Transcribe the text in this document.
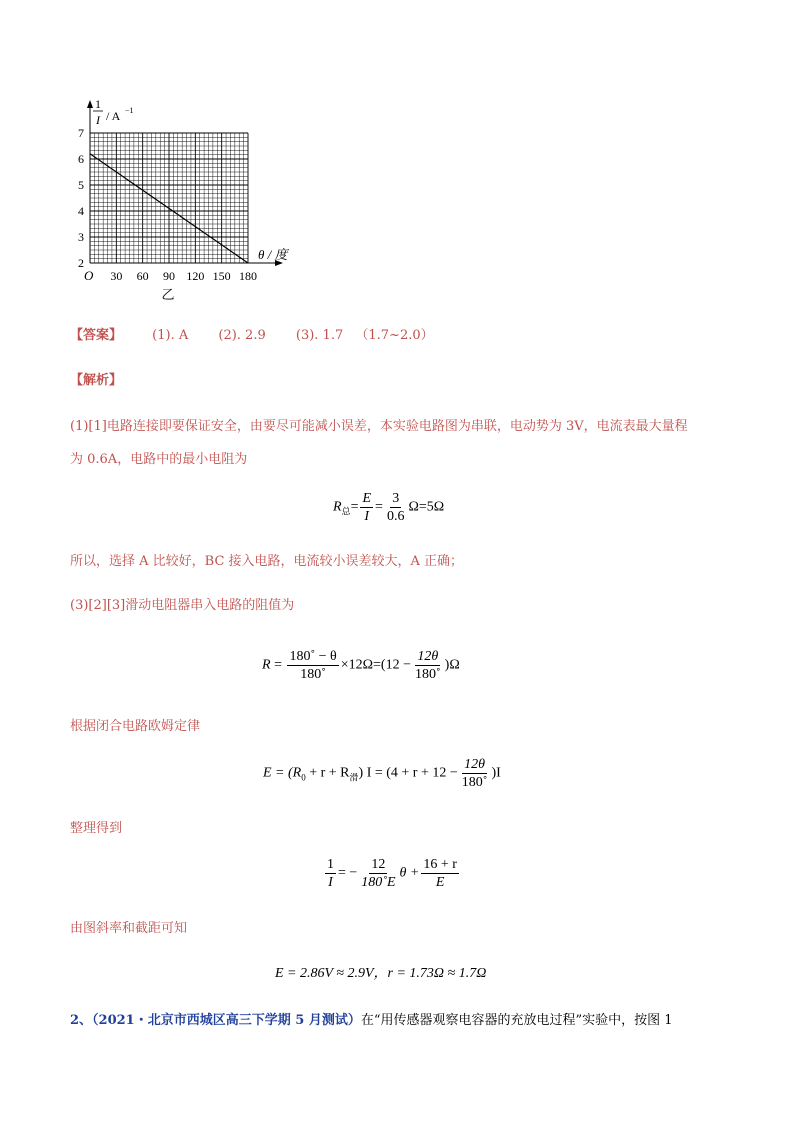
30 60 90 120 150 180
2
3
4
5
6
7
1
I / A −1
θ / 度
O
乙
【答案】 (1). A (2). 2.9 (3). 1.7 （1.7~2.0）
【解析】
(1)[1]电路连接即要保证安全，由要尽可能减小误差，本实验电路图为串联，电动势为 3V，电流表最大量程
为 0.6A，电路中的最小电阻为
$R_总= \frac{E}{I} = \frac{3}{0.6} \Omega=5\Omega$
所以，选择 A 比较好，BC 接入电路，电流较小误差较大，A 正确；
(3)[2][3]滑动电阻器串入电路的阻值为
$R = \frac{180˚ - \theta}{180˚} \times 12\Omega=(12 - \frac{12\theta}{180˚} )\Omega$
根据闭合电路欧姆定律
$E = (R_0 + r + R_滑) I = (4 + r + 12 - \frac{12\theta}{180˚} )I$
整理得到
$\frac{1}{I}$ = − $\frac{12}{180˚E}$ $\theta + \frac{16 + r}{E}$
由图斜率和截距可知
E = 2.86V ≈ 2.9V，r = 1.73Ω ≈ 1.7Ω
2、（2021・北京市西城区高三下学期 5 月测试）在“用传感器观察电容器的充放电过程”实验中，按图 1
